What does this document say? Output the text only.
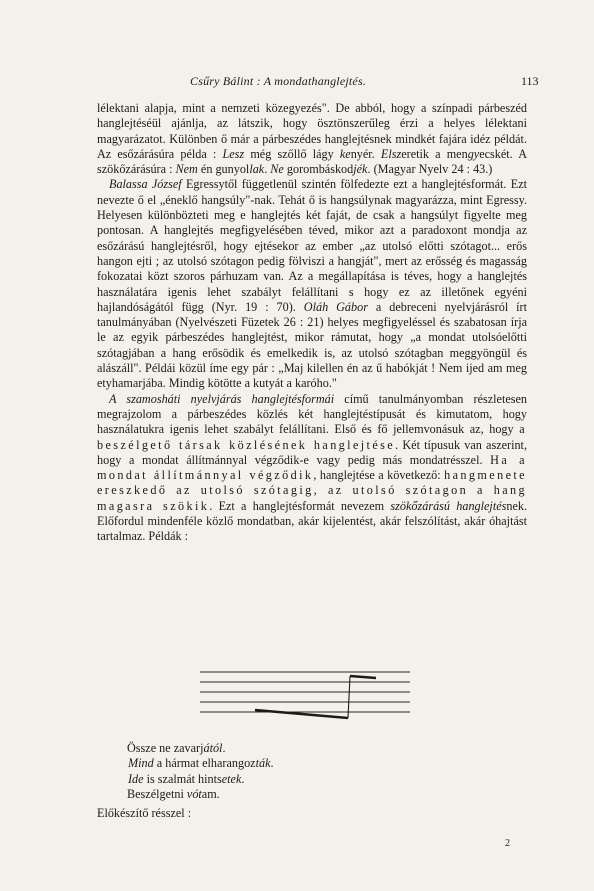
Csűry Bálint : A mondathanglejtés.	113

lélektani alapja, mint a nemzeti közegyezés". De abból, hogy a színpadi párbeszéd hanglejtéséül ajánlja, az látszik, hogy ösztönszerűleg érzi a helyes lélektani magyarázatot. Különben ő már a párbeszédes hanglejtésnek mindkét fajára idéz példát. Az esőzárásúra példa : Lesz még szőllő lágy kenyér. Elszeretik a mengyecskét. A szökőzárásúra : Nem én gunyollak. Ne gorombáskodjék. (Magyar Nyelv 24 : 43.)

Balassa József Egressytől függetlenül szintén fölfedezte ezt a hanglejtésformát. Ezt nevezte ő el „éneklő hangsúly"-nak. Tehát ő is hangsúlynak magyarázza, mint Egressy. Helyesen különbözteti meg e hanglejtés két faját, de csak a hangsúlyt figyelte meg pontosan. A hanglejtés megfigyelésében téved, mikor azt a paradoxont mondja az esőzárású hanglejtésről, hogy ejtésekor az ember „az utolsó előtti szótagot... erős hangon ejti ; az utolsó szótagon pedig fölviszi a hangját", mert az erősség és magasság fokozatai közt szoros párhuzam van. Az a megállapítása is téves, hogy a hanglejtés használatára igenis lehet szabályt felállítani s hogy ez az illetőnek egyéni hajlandóságától függ (Nyr. 19 : 70). Oláh Gábor a debreceni nyelvjárásról írt tanulmányában (Nyelvészeti Füzetek 26 : 21) helyes megfigyeléssel és szabatosan írja le az egyik párbeszédes hanglejtést, mikor rámutat, hogy „a mondat utolsóelőtti szótagjában a hang erősödik és emelkedik is, az utolsó szótagban meggyöngül és alászáll". Példái közül íme egy pár : „Maj kilellen én az ű habókját ! Nem ijed am meg etyhamarjába. Mindig kötötte a kutyát a karóho."

A szamosháti nyelvjárás hanglejtésformái című tanulmányomban részletesen megrajzolom a párbeszédes közlés két hanglejtéstípusát és kimutatom, hogy használatukra igenis lehet szabályt felállítani. Első és fő jellemvonásuk az, hogy a beszélgető társak közlésének hanglejtése. Két típusuk van aszerint, hogy a mondat állítmánnyal végződik-e vagy pedig más mondatrésszel. Ha a mondat állítmánnyal végződik, hanglejtése a következő: hangmenete ereszkedő az utolsó szótagig, az utolsó szótagon a hang magasra szökik. Ezt a hanglejtésformát nevezem szökőzárású hanglejtésnek. Előfordul mindenféle közlő mondatban, akár kijelentést, akár felszólítást, akár óhajtást tartalmaz. Példák :

Össze ne zavarjától.
Mind a hármat elharangozták.
Ide is szalmát hintsetek.
Beszélgetni vótam.
Előkészítő résszel :
2
